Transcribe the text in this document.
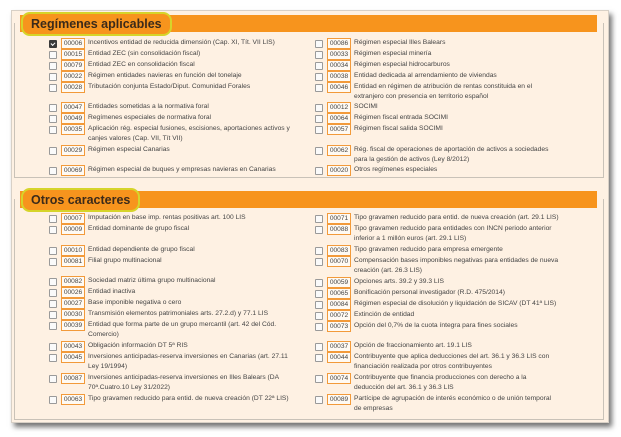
Regímenes aplicables
00006 Incentivos entidad de reducida dimensión (Cap. XI, Tít. VII LIS)
00015 Entidad ZEC (sin consolidación fiscal)
00079 Entidad ZEC en consolidación fiscal
00022 Régimen entidades navieras en función del tonelaje
00028 Tributación conjunta Estado/Diput. Comunidad Forales
00047 Entidades sometidas a la normativa foral
00049 Regímenes especiales de normativa foral
00035 Aplicación rég. especial fusiones, escisiones, aportaciones activos y
canjes valores (Cap. VII, Tít VII)
00029 Régimen especial Canarias
00069 Régimen especial de buques y empresas navieras en Canarias
00086 Régimen especial Illes Balears
00033 Régimen especial minería
00034 Régimen especial hidrocarburos
00038 Entidad dedicada al arrendamiento de viviendas
00046 Entidad en régimen de atribución de rentas constituida en el
extranjero con presencia en territorio español
00012 SOCIMI
00064 Régimen fiscal entrada SOCIMI
00057 Régimen fiscal salida SOCIMI
00062 Rég. fiscal de operaciones de aportación de activos a sociedades
para la gestión de activos (Ley 8/2012)
00020 Otros regímenes especiales
Otros caracteres
00007 Imputación en base imp. rentas positivas art. 100 LIS
00009 Entidad dominante de grupo fiscal
00010 Entidad dependiente de grupo fiscal
00081 Filial grupo multinacional
00082 Sociedad matriz última grupo multinacional
00026 Entidad inactiva
00027 Base imponible negativa o cero
00030 Transmisión elementos patrimoniales arts. 27.2.d) y 77.1 LIS
00039 Entidad que forma parte de un grupo mercantil (art. 42 del Cód.
Comercio)
00043 Obligación información DT 5ª RIS
00045 Inversiones anticipadas-reserva inversiones en Canarias (art. 27.11
Ley 19/1994)
00087 Inversiones anticipadas-reserva inversiones en Illes Balears (DA
70ª.Cuatro.10 Ley 31/2022)
00063 Tipo gravamen reducido para entid. de nueva creación (DT 22ª LIS)
00071 Tipo gravamen reducido para entid. de nueva creación (art. 29.1 LIS)
00088 Tipo gravamen reducido para entidades con INCN periodo anterior
inferior a 1 millón euros (art. 29.1 LIS)
00083 Tipo gravamen reducido para empresa emergente
00070 Compensación bases imponibles negativas para entidades de nueva
creación (art. 26.3 LIS)
00059 Opciones arts. 39.2 y 39.3 LIS
00065 Bonificación personal investigador (R.D. 475/2014)
00084 Régimen especial de disolución y liquidación de SICAV (DT 41ª LIS)
00072 Extinción de entidad
00073 Opción del 0,7% de la cuota íntegra para fines sociales
00037 Opción de fraccionamiento art. 19.1 LIS
00044 Contribuyente que aplica deducciones del art. 36.1 y 36.3 LIS con
financiación realizada por otros contribuyentes
00074 Contribuyente que financia producciones con derecho a la
deducción del art. 36.1 y 36.3 LIS
00089 Partícipe de agrupación de interés económico o de unión temporal
de empresas
